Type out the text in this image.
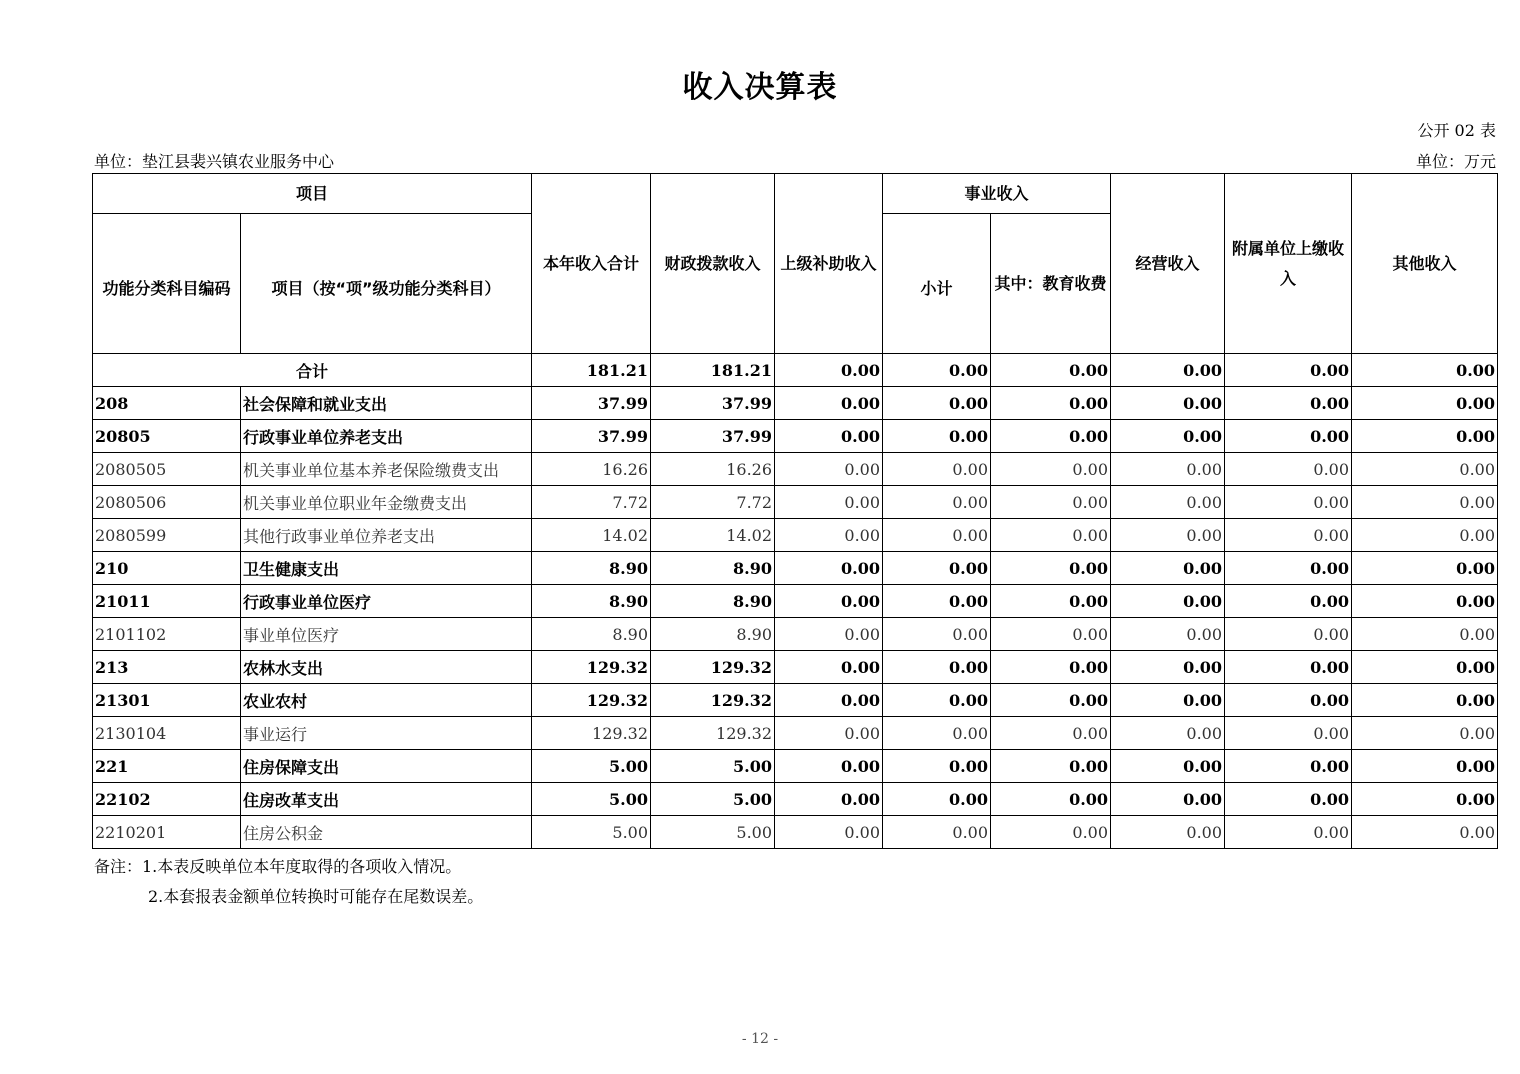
收入决算表
公开 02 表
单位：垫江县裴兴镇农业服务中心	单位：万元
项目		本年收入合计	财政拨款收入	上级补助收入	事业收入		经营收入	附属单位上缴收入	其他收入
功能分类科目编码	项目（按“项”级功能分类科目）				小计	其中：教育收费			
合计		181.21	181.21	0.00	0.00	0.00	0.00	0.00	0.00
208	社会保障和就业支出	37.99	37.99	0.00	0.00	0.00	0.00	0.00	0.00
20805	行政事业单位养老支出	37.99	37.99	0.00	0.00	0.00	0.00	0.00	0.00
2080505	机关事业单位基本养老保险缴费支出	16.26	16.26	0.00	0.00	0.00	0.00	0.00	0.00
2080506	机关事业单位职业年金缴费支出	7.72	7.72	0.00	0.00	0.00	0.00	0.00	0.00
2080599	其他行政事业单位养老支出	14.02	14.02	0.00	0.00	0.00	0.00	0.00	0.00
210	卫生健康支出	8.90	8.90	0.00	0.00	0.00	0.00	0.00	0.00
21011	行政事业单位医疗	8.90	8.90	0.00	0.00	0.00	0.00	0.00	0.00
2101102	事业单位医疗	8.90	8.90	0.00	0.00	0.00	0.00	0.00	0.00
213	农林水支出	129.32	129.32	0.00	0.00	0.00	0.00	0.00	0.00
21301	农业农村	129.32	129.32	0.00	0.00	0.00	0.00	0.00	0.00
2130104	事业运行	129.32	129.32	0.00	0.00	0.00	0.00	0.00	0.00
221	住房保障支出	5.00	5.00	0.00	0.00	0.00	0.00	0.00	0.00
22102	住房改革支出	5.00	5.00	0.00	0.00	0.00	0.00	0.00	0.00
2210201	住房公积金	5.00	5.00	0.00	0.00	0.00	0.00	0.00	0.00
备注：1.本表反映单位本年度取得的各项收入情况。
2.本套报表金额单位转换时可能存在尾数误差。
- 12 -
